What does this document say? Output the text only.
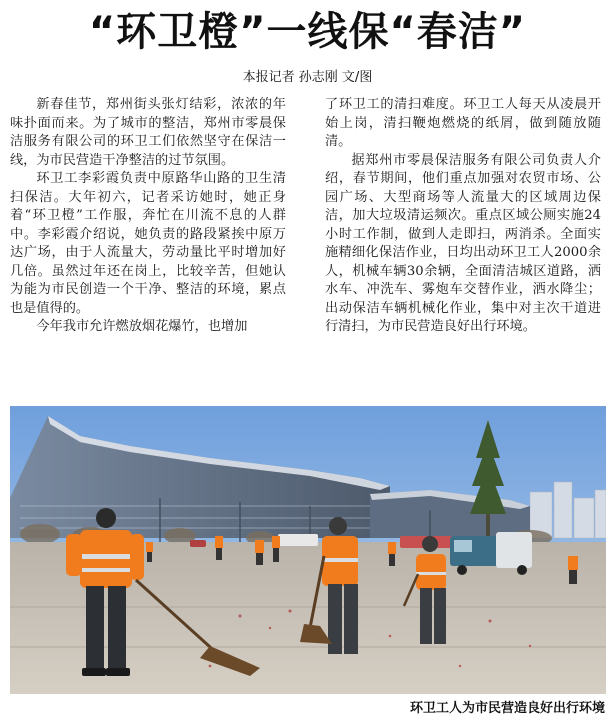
“环卫橙”一线保“春洁”
本报记者 孙志刚 文/图

新春佳节，郑州街头张灯结彩，浓浓的年味扑面而来。为了城市的整洁，郑州市零晨保洁服务有限公司的环卫工们依然坚守在保洁一线，为市民营造干净整洁的过节氛围。

环卫工李彩霞负责中原路华山路的卫生清扫保洁。大年初六，记者采访她时，她正身着“环卫橙”工作服，奔忙在川流不息的人群中。李彩霞介绍说，她负责的路段紧挨中原万达广场，由于人流量大，劳动量比平时增加好几倍。虽然过年还在岗上，比较辛苦，但她认为能为市民创造一个干净、整洁的环境，累点也是值得的。

今年我市允许燃放烟花爆竹，也增加

了环卫工的清扫难度。环卫工人每天从凌晨开始上岗，清扫鞭炮燃烧的纸屑，做到随放随清。

据郑州市零晨保洁服务有限公司负责人介绍，春节期间，他们重点加强对农贸市场、公园广场、大型商场等人流量大的区域周边保洁，加大垃圾清运频次。重点区域公厕实施24小时工作制，做到人走即扫，两消杀。全面实施精细化保洁作业，日均出动环卫工人2000余人，机械车辆30余辆，全面清洁城区道路，洒水车、冲洗车、雾炮车交替作业，洒水降尘；出动保洁车辆机械化作业，集中对主次干道进行清扫，为市民营造良好出行环境。

环卫工人为市民营造良好出行环境
